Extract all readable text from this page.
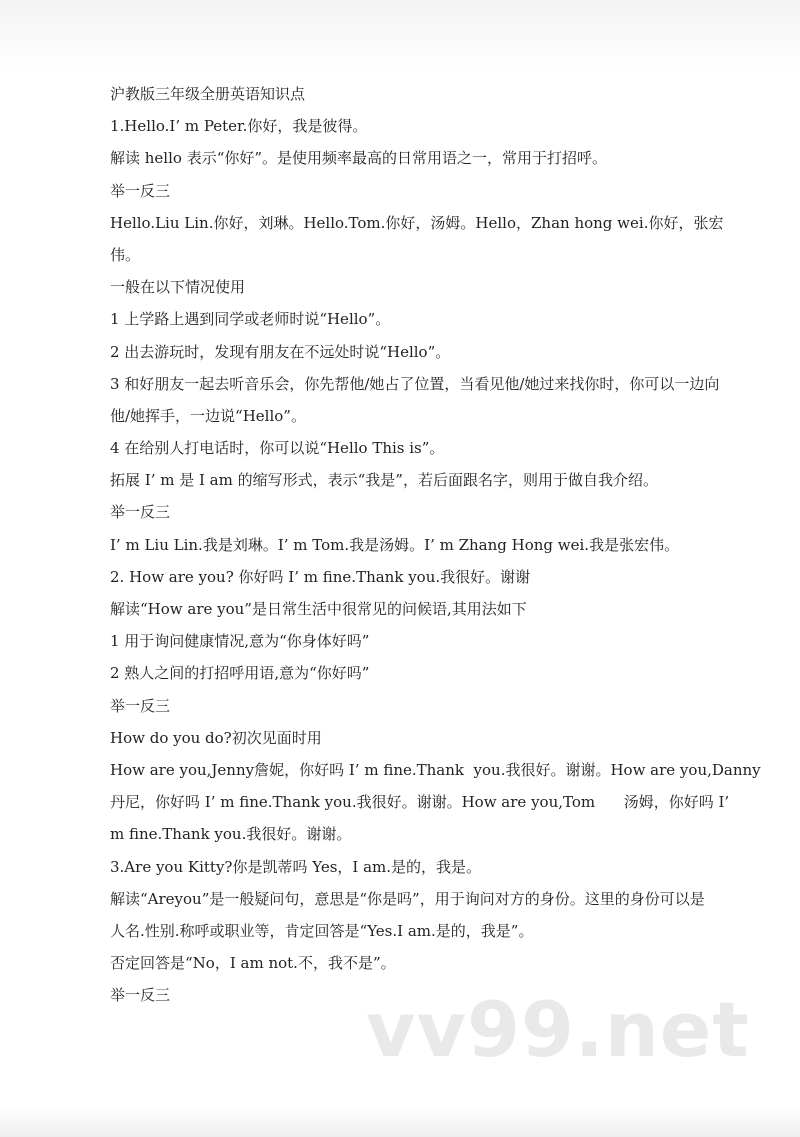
沪教版三年级全册英语知识点
1.Hello.I’ m Peter.你好，我是彼得。
解读 hello 表示“你好”。是使用频率最高的日常用语之一，常用于打招呼。
举一反三
Hello.Liu Lin.你好，刘琳。Hello.Tom.你好，汤姆。Hello，Zhan hong wei.你好，张宏
伟。
一般在以下情况使用
1 上学路上遇到同学或老师时说“Hello”。
2 出去游玩时，发现有朋友在不远处时说“Hello”。
3 和好朋友一起去听音乐会，你先帮他/她占了位置，当看见他/她过来找你时，你可以一边向
他/她挥手，一边说“Hello”。
4 在给别人打电话时，你可以说“Hello This is”。
拓展 I’ m 是 I am 的缩写形式，表示“我是”，若后面跟名字，则用于做自我介绍。
举一反三
I’ m Liu Lin.我是刘琳。I’ m Tom.我是汤姆。I’ m Zhang Hong wei.我是张宏伟。
2. How are you? 你好吗 I’ m fine.Thank you.我很好。谢谢
解读“How are you”是日常生活中很常见的问候语,其用法如下
1 用于询问健康情况,意为“你身体好吗”
2 熟人之间的打招呼用语,意为“你好吗”
举一反三
How do you do?初次见面时用
How are you,Jenny詹妮，你好吗 I’ m fine.Thank  you.我很好。谢谢。How are you,Danny
丹尼，你好吗 I’ m fine.Thank you.我很好。谢谢。How are you,Tom      汤姆，你好吗 I’
m fine.Thank you.我很好。谢谢。
3.Are you Kitty?你是凯蒂吗 Yes，I am.是的，我是。
解读“Areyou”是一般疑问句，意思是“你是吗”，用于询问对方的身份。这里的身份可以是
人名.性别.称呼或职业等，肯定回答是“Yes.I am.是的，我是”。
否定回答是“No，I am not.不，我不是”。
举一反三	vv99.net
